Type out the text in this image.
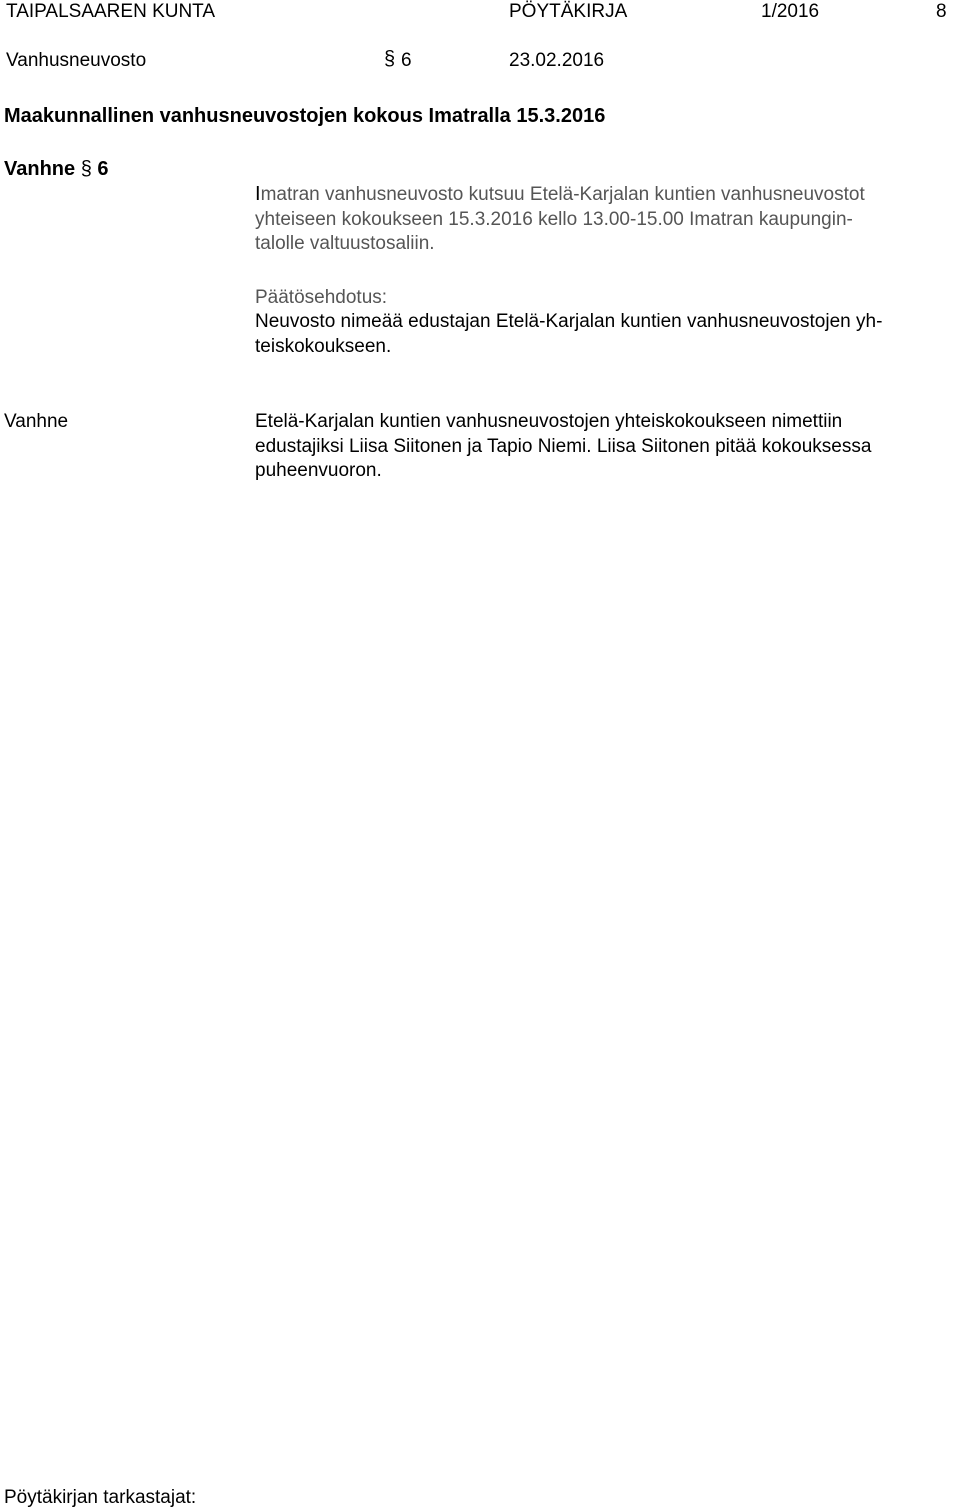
TAIPALSAAREN KUNTA	PÖYTÄKIRJA	1/2016	8
Vanhusneuvosto	§ 6	23.02.2016
Maakunnallinen vanhusneuvostojen kokous Imatralla 15.3.2016
Vanhne § 6
Imatran vanhusneuvosto kutsuu Etelä-Karjalan kuntien vanhusneuvostot
yhteiseen kokoukseen 15.3.2016 kello 13.00-15.00 Imatran kaupungin-
talolle valtuustosaliin.
Päätösehdotus:
Neuvosto nimeää edustajan Etelä-Karjalan kuntien vanhusneuvostojen yh-
teiskokoukseen.
Vanhne	Etelä-Karjalan kuntien vanhusneuvostojen yhteiskokoukseen nimettiin
edustajiksi Liisa Siitonen ja Tapio Niemi. Liisa Siitonen pitää kokouksessa
puheenvuoron.
Pöytäkirjan tarkastajat:
